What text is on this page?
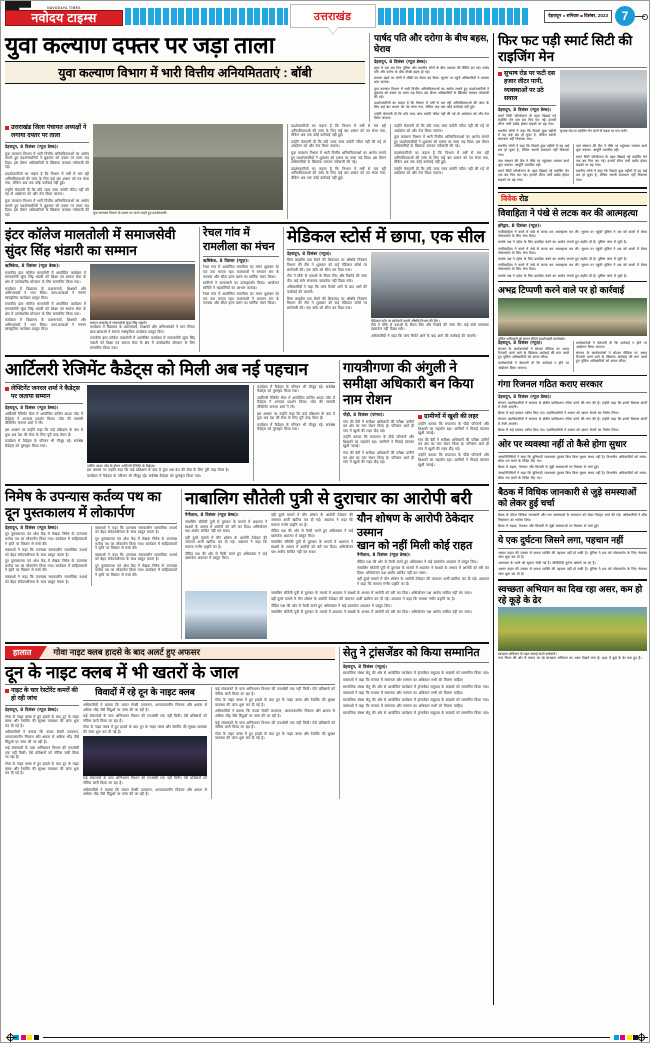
NAVODAYA TIMES
नवोदय टाइम्स	उत्तराखंड	देहरादून शनिवार दिसंबर, 2023	7
युवा कल्याण दफ्तर पर जड़ा ताला
युवा कल्याण विभाग में भारी वित्तीय अनियमितताएं : बॉबी
पार्षद पति और दरोगा के बीच बहस, घेराव

देहरादून, 8 दिसंबर (न्यूज़ डेस्क)।

शहर में एक बार फिर पुलिस और स्थानीय लोगों के बीच टकराव की स्थिति बन गई। पार्षद पति और दरोगा के बीच तीखी बहस हो गई।

मामला बढ़ने पर लोगों ने चौकी का घेराव कर दिया। सूचना पर पहुंचे अधिकारियों ने मामला शांत कराया।

युवा कल्याण विभाग में भारी वित्तीय अनियमितताओं का आरोप लगाते हुए प्रदर्शनकारियों ने शुक्रवार को दफ्तर पर ताला जड़ दिया। इस दौरान अधिकारियों के खिलाफ जमकर नारेबाजी की गई।

प्रदर्शनकारियों का कहना है कि विभाग में वर्षों से चल रही अनियमितताओं की जांच के लिए कई बार शासन को पत्र भेजा गया, लेकिन अब तक कोई कार्रवाई नहीं हुई।

उन्होंने चेतावनी दी कि यदि जल्द जांच कमेटी गठित नहीं की गई तो आंदोलन को और तेज किया जाएगा।

उत्तराखंड जिला पंचायत अध्यक्षों ने लगाया दफ्तर पर ताला

देहरादून, 8 दिसंबर (न्यूज़ डेस्क)।

युवा कल्याण विभाग में भारी वित्तीय अनियमितताओं का आरोप लगाते हुए प्रदर्शनकारियों ने शुक्रवार को दफ्तर पर ताला जड़ दिया। इस दौरान अधिकारियों के खिलाफ जमकर नारेबाजी की गई।

प्रदर्शनकारियों का कहना है कि विभाग में वर्षों से चल रही अनियमितताओं की जांच के लिए कई बार शासन को पत्र भेजा गया, लेकिन अब तक कोई कार्रवाई नहीं हुई।

उन्होंने चेतावनी दी कि यदि जल्द जांच कमेटी गठित नहीं की गई तो आंदोलन को और तेज किया जाएगा।

युवा कल्याण विभाग में भारी वित्तीय अनियमितताओं का आरोप लगाते हुए प्रदर्शनकारियों ने शुक्रवार को दफ्तर पर ताला जड़ दिया। इस दौरान अधिकारियों के खिलाफ जमकर नारेबाजी की गई।	युवा कल्याण विभाग के दफ्तर पर ताला जड़ते हुए प्रदर्शनकारी।

प्रदर्शनकारियों का कहना है कि विभाग में वर्षों से चल रही अनियमितताओं की जांच के लिए कई बार शासन को पत्र भेजा गया, लेकिन अब तक कोई कार्रवाई नहीं हुई।

उन्होंने चेतावनी दी कि यदि जल्द जांच कमेटी गठित नहीं की गई तो आंदोलन को और तेज किया जाएगा।

युवा कल्याण विभाग में भारी वित्तीय अनियमितताओं का आरोप लगाते हुए प्रदर्शनकारियों ने शुक्रवार को दफ्तर पर ताला जड़ दिया। इस दौरान अधिकारियों के खिलाफ जमकर नारेबाजी की गई।

प्रदर्शनकारियों का कहना है कि विभाग में वर्षों से चल रही अनियमितताओं की जांच के लिए कई बार शासन को पत्र भेजा गया, लेकिन अब तक कोई कार्रवाई नहीं हुई।

उन्होंने चेतावनी दी कि यदि जल्द जांच कमेटी गठित नहीं की गई तो आंदोलन को और तेज किया जाएगा।

युवा कल्याण विभाग में भारी वित्तीय अनियमितताओं का आरोप लगाते हुए प्रदर्शनकारियों ने शुक्रवार को दफ्तर पर ताला जड़ दिया। इस दौरान अधिकारियों के खिलाफ जमकर नारेबाजी की गई।

प्रदर्शनकारियों का कहना है कि विभाग में वर्षों से चल रही अनियमितताओं की जांच के लिए कई बार शासन को पत्र भेजा गया, लेकिन अब तक कोई कार्रवाई नहीं हुई।

उन्होंने चेतावनी दी कि यदि जल्द जांच कमेटी गठित नहीं की गई तो आंदोलन को और तेज किया जाएगा।

इंटर कॉलेज मालतोली में समाजसेवी सुंदर सिंह भंडारी का सम्मान

ऋषिकेश, 8 दिसंबर (न्यूज़ डेस्क)।

राजकीय इंटर कॉलेज मालतोली में आयोजित कार्यक्रम में समाजसेवी सुंदर सिंह भंडारी को शिक्षा एवं समाज सेवा के क्षेत्र में उल्लेखनीय योगदान के लिए सम्मानित किया गया।

कार्यक्रम में विद्यालय के प्रधानाचार्य, शिक्षकों और अभिभावकों ने भाग लिया। छात्र-छात्राओं ने रंगारंग सांस्कृतिक कार्यक्रम प्रस्तुत किए।

राजकीय इंटर कॉलेज मालतोली में आयोजित कार्यक्रम में समाजसेवी सुंदर सिंह भंडारी को शिक्षा एवं समाज सेवा के क्षेत्र में उल्लेखनीय योगदान के लिए सम्मानित किया गया।

कार्यक्रम में विद्यालय के प्रधानाचार्य, शिक्षकों और अभिभावकों ने भाग लिया। छात्र-छात्राओं ने रंगारंग सांस्कृतिक कार्यक्रम प्रस्तुत किए।

सम्मान समारोह में समाजसेवी सुंदर सिंह भंडारी।

कार्यक्रम में विद्यालय के प्रधानाचार्य, शिक्षकों और अभिभावकों ने भाग लिया। छात्र-छात्राओं ने रंगारंग सांस्कृतिक कार्यक्रम प्रस्तुत किए।

राजकीय इंटर कॉलेज मालतोली में आयोजित कार्यक्रम में समाजसेवी सुंदर सिंह भंडारी को शिक्षा एवं समाज सेवा के क्षेत्र में उल्लेखनीय योगदान के लिए सम्मानित किया गया।

रेचल गांव में रामलीला का मंचन

ऋषिकेश, 8 दिसंबर (न्यूज़)।

रेचल गांव में आयोजित रामलीला का मंचन शुक्रवार देर रात तक चलता रहा। कलाकारों ने भगवान राम के वनवास और सीता हरण प्रसंग का मार्मिक मंचन किया।

ग्रामीणों ने कलाकारों का उत्साहवर्धन किया। आयोजन समिति ने सहयोगियों का आभार जताया।

रेचल गांव में आयोजित रामलीला का मंचन शुक्रवार देर रात तक चलता रहा। कलाकारों ने भगवान राम के वनवास और सीता हरण प्रसंग का मार्मिक मंचन किया।

मेडिकल स्टोर्स में छापा, एक सील

देहरादून, 8 दिसंबर (न्यूज़)।

बिना लाइसेंस दवा बेचने की शिकायत पर औषधि नियंत्रण विभाग की टीम ने शुक्रवार को कई मेडिकल स्टोर्स पर छापेमारी की। एक स्टोर को सील कर दिया गया।

टीम ने मौके से दवाओं के सैंपल लिए और रिकॉर्ड की जांच की। कई स्टोर संचालक दस्तावेज नहीं दिखा सके।

अधिकारियों ने कहा कि जांच रिपोर्ट आने के बाद आगे की कार्रवाई की जाएगी।

बिना लाइसेंस दवा बेचने की शिकायत पर औषधि नियंत्रण विभाग की टीम ने शुक्रवार को कई मेडिकल स्टोर्स पर छापेमारी की। एक स्टोर को सील कर दिया गया।

मेडिकल स्टोर पर छापेमारी करती औषधि विभाग की टीम।

टीम ने मौके से दवाओं के सैंपल लिए और रिकॉर्ड की जांच की। कई स्टोर संचालक दस्तावेज नहीं दिखा सके।

अधिकारियों ने कहा कि जांच रिपोर्ट आने के बाद आगे की कार्रवाई की जाएगी।

आर्टिलरी रेजिमेंट कैडेट्स को मिली अब नई पहचान
लेफ्टिनेंट जनरल शर्मा ने कैडेट्स पर जताया सम्मान

देहरादून, 8 दिसंबर (न्यूज़ डेस्क)।

आर्टिलरी रेजिमेंट सेंटर में आयोजित पासिंग आउट परेड में कैडेट्स ने शानदार प्रदर्शन किया। परेड की सलामी लेफ्टिनेंट जनरल शर्मा ने ली।

इस अवसर पर उन्होंने कहा कि कड़े प्रशिक्षण के बाद ये युवा अब देश की सेवा के लिए पूरी तरह तैयार हैं।

कार्यक्रम में कैडेट्स के परिजन भी मौजूद रहे। सर्वश्रेष्ठ कैडेट्स को पुरस्कृत किया गया।

पासिंग आउट परेड के दौरान आर्टिलरी रेजिमेंट के कैडेट्स।

इस अवसर पर उन्होंने कहा कि कड़े प्रशिक्षण के बाद ये युवा अब देश की सेवा के लिए पूरी तरह तैयार हैं।

कार्यक्रम में कैडेट्स के परिजन भी मौजूद रहे। सर्वश्रेष्ठ कैडेट्स को पुरस्कृत किया गया।

कार्यक्रम में कैडेट्स के परिजन भी मौजूद रहे। सर्वश्रेष्ठ कैडेट्स को पुरस्कृत किया गया।

आर्टिलरी रेजिमेंट सेंटर में आयोजित पासिंग आउट परेड में कैडेट्स ने शानदार प्रदर्शन किया। परेड की सलामी लेफ्टिनेंट जनरल शर्मा ने ली।

इस अवसर पर उन्होंने कहा कि कड़े प्रशिक्षण के बाद ये युवा अब देश की सेवा के लिए पूरी तरह तैयार हैं।

कार्यक्रम में कैडेट्स के परिजन भी मौजूद रहे। सर्वश्रेष्ठ कैडेट्स को पुरस्कृत किया गया।

गायत्रीगणा की अंगुली ने समीक्षा अधिकारी बन किया नाम रोशन

पौड़ी, 8 दिसंबर (पांगरा)।

गांव की बेटी ने समीक्षा अधिकारी की परीक्षा उत्तीर्ण कर क्षेत्र का नाम रोशन किया है। परिणाम आते ही गांव में खुशी की लहर दौड़ गई।

उन्होंने बताया कि सफलता के पीछे परिजनों और शिक्षकों का सहयोग रहा। ग्रामीणों ने मिठाई बांटकर खुशी जताई।

गांव की बेटी ने समीक्षा अधिकारी की परीक्षा उत्तीर्ण कर क्षेत्र का नाम रोशन किया है। परिणाम आते ही गांव में खुशी की लहर दौड़ गई।

ग्रामीणों में खुशी की लहर

उन्होंने बताया कि सफलता के पीछे परिजनों और शिक्षकों का सहयोग रहा। ग्रामीणों ने मिठाई बांटकर खुशी जताई।

गांव की बेटी ने समीक्षा अधिकारी की परीक्षा उत्तीर्ण कर क्षेत्र का नाम रोशन किया है। परिणाम आते ही गांव में खुशी की लहर दौड़ गई।

उन्होंने बताया कि सफलता के पीछे परिजनों और शिक्षकों का सहयोग रहा। ग्रामीणों ने मिठाई बांटकर खुशी जताई।

निमेष के उपन्यास कर्तव्य पथ का दून पुस्तकालय में लोकार्पण

देहरादून, 8 दिसंबर (न्यूज़ डेस्क)।

दून पुस्तकालय एवं शोध केंद्र में लेखक निमेष के उपन्यास कर्तव्य पथ का लोकार्पण किया गया। कार्यक्रम में साहित्यकारों ने कृति पर विस्तार से चर्चा की।

वक्ताओं ने कहा कि उपन्यास समकालीन सामाजिक यथार्थ को बेहद संवेदनशीलता के साथ प्रस्तुत करता है।

दून पुस्तकालय एवं शोध केंद्र में लेखक निमेष के उपन्यास कर्तव्य पथ का लोकार्पण किया गया। कार्यक्रम में साहित्यकारों ने कृति पर विस्तार से चर्चा की।

वक्ताओं ने कहा कि उपन्यास समकालीन सामाजिक यथार्थ को बेहद संवेदनशीलता के साथ प्रस्तुत करता है।

वक्ताओं ने कहा कि उपन्यास समकालीन सामाजिक यथार्थ को बेहद संवेदनशीलता के साथ प्रस्तुत करता है।

दून पुस्तकालय एवं शोध केंद्र में लेखक निमेष के उपन्यास कर्तव्य पथ का लोकार्पण किया गया। कार्यक्रम में साहित्यकारों ने कृति पर विस्तार से चर्चा की।

वक्ताओं ने कहा कि उपन्यास समकालीन सामाजिक यथार्थ को बेहद संवेदनशीलता के साथ प्रस्तुत करता है।

दून पुस्तकालय एवं शोध केंद्र में लेखक निमेष के उपन्यास कर्तव्य पथ का लोकार्पण किया गया। कार्यक्रम में साहित्यकारों ने कृति पर विस्तार से चर्चा की।

नाबालिग सौतेली पुत्री से दुराचार का आरोपी बरी

नैनीताल, 8 दिसंबर (न्यूज़ डेस्क)।

नाबालिग सौतेली पुत्री से दुराचार के मामले में अदालत ने साक्ष्यों के अभाव में आरोपी को बरी कर दिया। अभियोजन पक्ष आरोप साबित नहीं कर सका।

वहीं दूसरे मामले में यौन शोषण के आरोपी ठेकेदार की जमानत अर्जी खारिज कर दी गई। अदालत ने कहा कि मामला गंभीर प्रकृति का है।

पीड़ित पक्ष की ओर से पैरवी करते हुए अधिवक्ता ने कई दस्तावेज अदालत में प्रस्तुत किए।

वहीं दूसरे मामले में यौन शोषण के आरोपी ठेकेदार की जमानत अर्जी खारिज कर दी गई। अदालत ने कहा कि मामला गंभीर प्रकृति का है।

पीड़ित पक्ष की ओर से पैरवी करते हुए अधिवक्ता ने कई दस्तावेज अदालत में प्रस्तुत किए।

नाबालिग सौतेली पुत्री से दुराचार के मामले में अदालत ने साक्ष्यों के अभाव में आरोपी को बरी कर दिया। अभियोजन पक्ष आरोप साबित नहीं कर सका।

यौन शोषण के आरोपी ठेकेदार उस्मान
खान को नहीं मिली कोई राहत

नैनीताल, 8 दिसंबर (न्यूज़ डेस्क)।

पीड़ित पक्ष की ओर से पैरवी करते हुए अधिवक्ता ने कई दस्तावेज अदालत में प्रस्तुत किए।

नाबालिग सौतेली पुत्री से दुराचार के मामले में अदालत ने साक्ष्यों के अभाव में आरोपी को बरी कर दिया। अभियोजन पक्ष आरोप साबित नहीं कर सका।

वहीं दूसरे मामले में यौन शोषण के आरोपी ठेकेदार की जमानत अर्जी खारिज कर दी गई। अदालत ने कहा कि मामला गंभीर प्रकृति का है।

नाबालिग सौतेली पुत्री से दुराचार के मामले में अदालत ने साक्ष्यों के अभाव में आरोपी को बरी कर दिया। अभियोजन पक्ष आरोप साबित नहीं कर सका।

वहीं दूसरे मामले में यौन शोषण के आरोपी ठेकेदार की जमानत अर्जी खारिज कर दी गई। अदालत ने कहा कि मामला गंभीर प्रकृति का है।

पीड़ित पक्ष की ओर से पैरवी करते हुए अधिवक्ता ने कई दस्तावेज अदालत में प्रस्तुत किए।

नाबालिग सौतेली पुत्री से दुराचार के मामले में अदालत ने साक्ष्यों के अभाव में आरोपी को बरी कर दिया। अभियोजन पक्ष आरोप साबित नहीं कर सका।

हालात	गोवा नाइट क्लब हादसे के बाद अलर्ट हुए अफसर
दून के नाइट क्लब में भी खतरों के जाल
नाइट के चार रेस्टोरेंट कमरों की हो रही जांच

देहरादून, 8 दिसंबर (न्यूज़ डेस्क)।

गोवा के नाइट क्लब में हुए हादसे के बाद दून के नाइट क्लब और रेस्टोरेंट की सुरक्षा व्यवस्था की जांच शुरू कर दी गई है।

अधिकारियों ने बताया कि फायर सेफ्टी उपकरण, आपातकालीन निकास और क्षमता से अधिक भीड़ जैसे बिंदुओं पर जांच की जा रही है।

कई संचालकों के पास अग्निशमन विभाग की एनओसी तक नहीं मिली। ऐसे प्रतिष्ठानों को नोटिस जारी किया जा रहा है।

गोवा के नाइट क्लब में हुए हादसे के बाद दून के नाइट क्लब और रेस्टोरेंट की सुरक्षा व्यवस्था की जांच शुरू कर दी गई है।

विवादों में रहे दून के नाइट क्लब

अधिकारियों ने बताया कि फायर सेफ्टी उपकरण, आपातकालीन निकास और क्षमता से अधिक भीड़ जैसे बिंदुओं पर जांच की जा रही है।

कई संचालकों के पास अग्निशमन विभाग की एनओसी तक नहीं मिली। ऐसे प्रतिष्ठानों को नोटिस जारी किया जा रहा है।

गोवा के नाइट क्लब में हुए हादसे के बाद दून के नाइट क्लब और रेस्टोरेंट की सुरक्षा व्यवस्था की जांच शुरू कर दी गई है।

कई संचालकों के पास अग्निशमन विभाग की एनओसी तक नहीं मिली। ऐसे प्रतिष्ठानों को नोटिस जारी किया जा रहा है।

अधिकारियों ने बताया कि फायर सेफ्टी उपकरण, आपातकालीन निकास और क्षमता से अधिक भीड़ जैसे बिंदुओं पर जांच की जा रही है।

कई संचालकों के पास अग्निशमन विभाग की एनओसी तक नहीं मिली। ऐसे प्रतिष्ठानों को नोटिस जारी किया जा रहा है।

गोवा के नाइट क्लब में हुए हादसे के बाद दून के नाइट क्लब और रेस्टोरेंट की सुरक्षा व्यवस्था की जांच शुरू कर दी गई है।

अधिकारियों ने बताया कि फायर सेफ्टी उपकरण, आपातकालीन निकास और क्षमता से अधिक भीड़ जैसे बिंदुओं पर जांच की जा रही है।

कई संचालकों के पास अग्निशमन विभाग की एनओसी तक नहीं मिली। ऐसे प्रतिष्ठानों को नोटिस जारी किया जा रहा है।

गोवा के नाइट क्लब में हुए हादसे के बाद दून के नाइट क्लब और रेस्टोरेंट की सुरक्षा व्यवस्था की जांच शुरू कर दी गई है।

सेतु ने ट्रांसजेंडर को किया सम्मानित

देहरादून, 8 दिसंबर (न्यूज़)।

सामाजिक संस्था सेतु की ओर से आयोजित कार्यक्रम में ट्रांसजेंडर समुदाय के सदस्यों को सम्मानित किया गया।

वक्ताओं ने कहा कि समाज में समानता और सम्मान का अधिकार सभी को मिलना चाहिए।

सामाजिक संस्था सेतु की ओर से आयोजित कार्यक्रम में ट्रांसजेंडर समुदाय के सदस्यों को सम्मानित किया गया।

वक्ताओं ने कहा कि समाज में समानता और सम्मान का अधिकार सभी को मिलना चाहिए।

सामाजिक संस्था सेतु की ओर से आयोजित कार्यक्रम में ट्रांसजेंडर समुदाय के सदस्यों को सम्मानित किया गया।

वक्ताओं ने कहा कि समाज में समानता और सम्मान का अधिकार सभी को मिलना चाहिए।

सामाजिक संस्था सेतु की ओर से आयोजित कार्यक्रम में ट्रांसजेंडर समुदाय के सदस्यों को सम्मानित किया गया।

फिर फट पड़ी स्मार्ट सिटी की राइजिंग मेन
सुभाष रोड पर फटी दस हजार लीटर पानी,
व्यवस्थाओं पर उठे सवाल

देहरादून, 8 दिसंबर (न्यूज़ डेस्क)।

स्मार्ट सिटी परियोजना के तहत बिछाई गई राइजिंग मेन एक बार फिर फट गई। हजारों लीटर पानी बर्बाद होकर सड़कों पर बह गया।

स्थानीय लोगों ने कहा कि पिछले कुछ महीनों में यह कई बार हो चुका है, लेकिन स्थायी समाधान नहीं निकाला गया।

सुभाष रोड पर राइजिंग मेन फटने से सड़क पर भरा पानी।

स्थानीय लोगों ने कहा कि पिछले कुछ महीनों में यह कई बार हो चुका है, लेकिन स्थायी समाधान नहीं निकाला गया।

जल संस्थान की टीम ने मौके पर पहुंचकर मरम्मत कार्य शुरू कराया। आपूर्ति प्रभावित रही।

स्मार्ट सिटी परियोजना के तहत बिछाई गई राइजिंग मेन एक बार फिर फट गई। हजारों लीटर पानी बर्बाद होकर सड़कों पर बह गया।

जल संस्थान की टीम ने मौके पर पहुंचकर मरम्मत कार्य शुरू कराया। आपूर्ति प्रभावित रही।

स्मार्ट सिटी परियोजना के तहत बिछाई गई राइजिंग मेन एक बार फिर फट गई। हजारों लीटर पानी बर्बाद होकर सड़कों पर बह गया।

स्थानीय लोगों ने कहा कि पिछले कुछ महीनों में यह कई बार हो चुका है, लेकिन स्थायी समाधान नहीं निकाला गया।

विवेक रोड
विवाहिता ने पंखे से लटक कर की आत्महत्या

हरिद्वार, 8 दिसंबर (न्यूज़)।

नवविवाहिता ने कमरे में पंखे से लटक कर आत्महत्या कर ली। सूचना पर पहुंची पुलिस ने शव को कब्जे में लेकर पोस्टमार्टम के लिए भेज दिया।

मायके पक्ष ने दहेज के लिए प्रताड़ित करने का आरोप लगाते हुए तहरीर दी है। पुलिस जांच में जुटी है।

नवविवाहिता ने कमरे में पंखे से लटक कर आत्महत्या कर ली। सूचना पर पहुंची पुलिस ने शव को कब्जे में लेकर पोस्टमार्टम के लिए भेज दिया।

मायके पक्ष ने दहेज के लिए प्रताड़ित करने का आरोप लगाते हुए तहरीर दी है। पुलिस जांच में जुटी है।

नवविवाहिता ने कमरे में पंखे से लटक कर आत्महत्या कर ली। सूचना पर पहुंची पुलिस ने शव को कब्जे में लेकर पोस्टमार्टम के लिए भेज दिया।

मायके पक्ष ने दहेज के लिए प्रताड़ित करने का आरोप लगाते हुए तहरीर दी है। पुलिस जांच में जुटी है।

अभद्र टिप्पणी करने वाले पर हो कार्रवाई
पुलिस अधिकारी को ज्ञापन सौंपते प्रदर्शनकारी कार्यकर्ता।

देहरादून, 8 दिसंबर (न्यूज़)।

संगठन के कार्यकर्ताओं ने सोशल मीडिया पर अभद्र टिप्पणी करने वाले के खिलाफ कार्रवाई की मांग करते हुए पुलिस अधिकारियों को ज्ञापन सौंपा।

कार्यकर्ताओं ने चेतावनी दी कि कार्रवाई न होने पर आंदोलन किया जाएगा।

कार्यकर्ताओं ने चेतावनी दी कि कार्रवाई न होने पर आंदोलन किया जाएगा।

संगठन के कार्यकर्ताओं ने सोशल मीडिया पर अभद्र टिप्पणी करने वाले के खिलाफ कार्रवाई की मांग करते हुए पुलिस अधिकारियों को ज्ञापन सौंपा।

गंगा रिजनल गठित कराए सरकार

देहरादून, 8 दिसंबर (न्यूज़ डेस्क)।

संगठन पदाधिकारियों ने सरकार से क्षेत्रीय प्राधिकरण गठित करने की मांग की है। उन्होंने कहा कि इससे विकास कार्यों में तेजी आएगी।

बैठक में कई प्रस्ताव पारित किए गए। पदाधिकारियों ने शासन को ज्ञापन भेजने का निर्णय लिया।

संगठन पदाधिकारियों ने सरकार से क्षेत्रीय प्राधिकरण गठित करने की मांग की है। उन्होंने कहा कि इससे विकास कार्यों में तेजी आएगी।

बैठक में कई प्रस्ताव पारित किए गए। पदाधिकारियों ने शासन को ज्ञापन भेजने का निर्णय लिया।

ओर पर व्यवस्था नहीं तो कैसे होगा सुधार

जनप्रतिनिधियों ने कहा कि बुनियादी व्यवस्थाएं दुरुस्त किए बिना सुधार संभव नहीं है। विभागीय अधिकारियों को समय-सीमा तय करने के निर्देश दिए गए।

बैठक में सड़क, पेयजल और बिजली से जुड़ी समस्याओं पर विस्तार से चर्चा हुई।

जनप्रतिनिधियों ने कहा कि बुनियादी व्यवस्थाएं दुरुस्त किए बिना सुधार संभव नहीं है। विभागीय अधिकारियों को समय-सीमा तय करने के निर्देश दिए गए।

बैठक में विधिक जानकारी से जुड़े समस्याओं को लेकर हुई चर्चा

बैठक के दौरान विधिक जानकारी और जन समस्याओं के समाधान को लेकर विस्तृत चर्चा की गई। अधिकारियों ने शीघ्र निस्तारण का भरोसा दिया।

बैठक में सड़क, पेयजल और बिजली से जुड़ी समस्याओं पर विस्तार से चर्चा हुई।

ये एक दुर्घटना जिसने लगा, पहचान नहीं

अज्ञात वाहन की टक्कर से घायल व्यक्ति की पहचान नहीं हो सकी है। पुलिस ने शव को पोस्टमार्टम के लिए भेजकर जांच शुरू कर दी है।

आसपास के थानों को सूचना भेजी गई है। सीसीटीवी फुटेज खंगाले जा रहे हैं।

अज्ञात वाहन की टक्कर से घायल व्यक्ति की पहचान नहीं हो सकी है। पुलिस ने शव को पोस्टमार्टम के लिए भेजकर जांच शुरू कर दी है।

स्वच्छता अभियान का दिख रहा असर, कम हो रहे कूड़े के ढेर
स्वच्छता अभियान के तहत सफाई करते कर्मचारी।

नगर निगम की ओर से चलाए जा रहे स्वच्छता अभियान का असर दिखने लगा है। शहर में कूड़े के ढेर कम हुए हैं।
